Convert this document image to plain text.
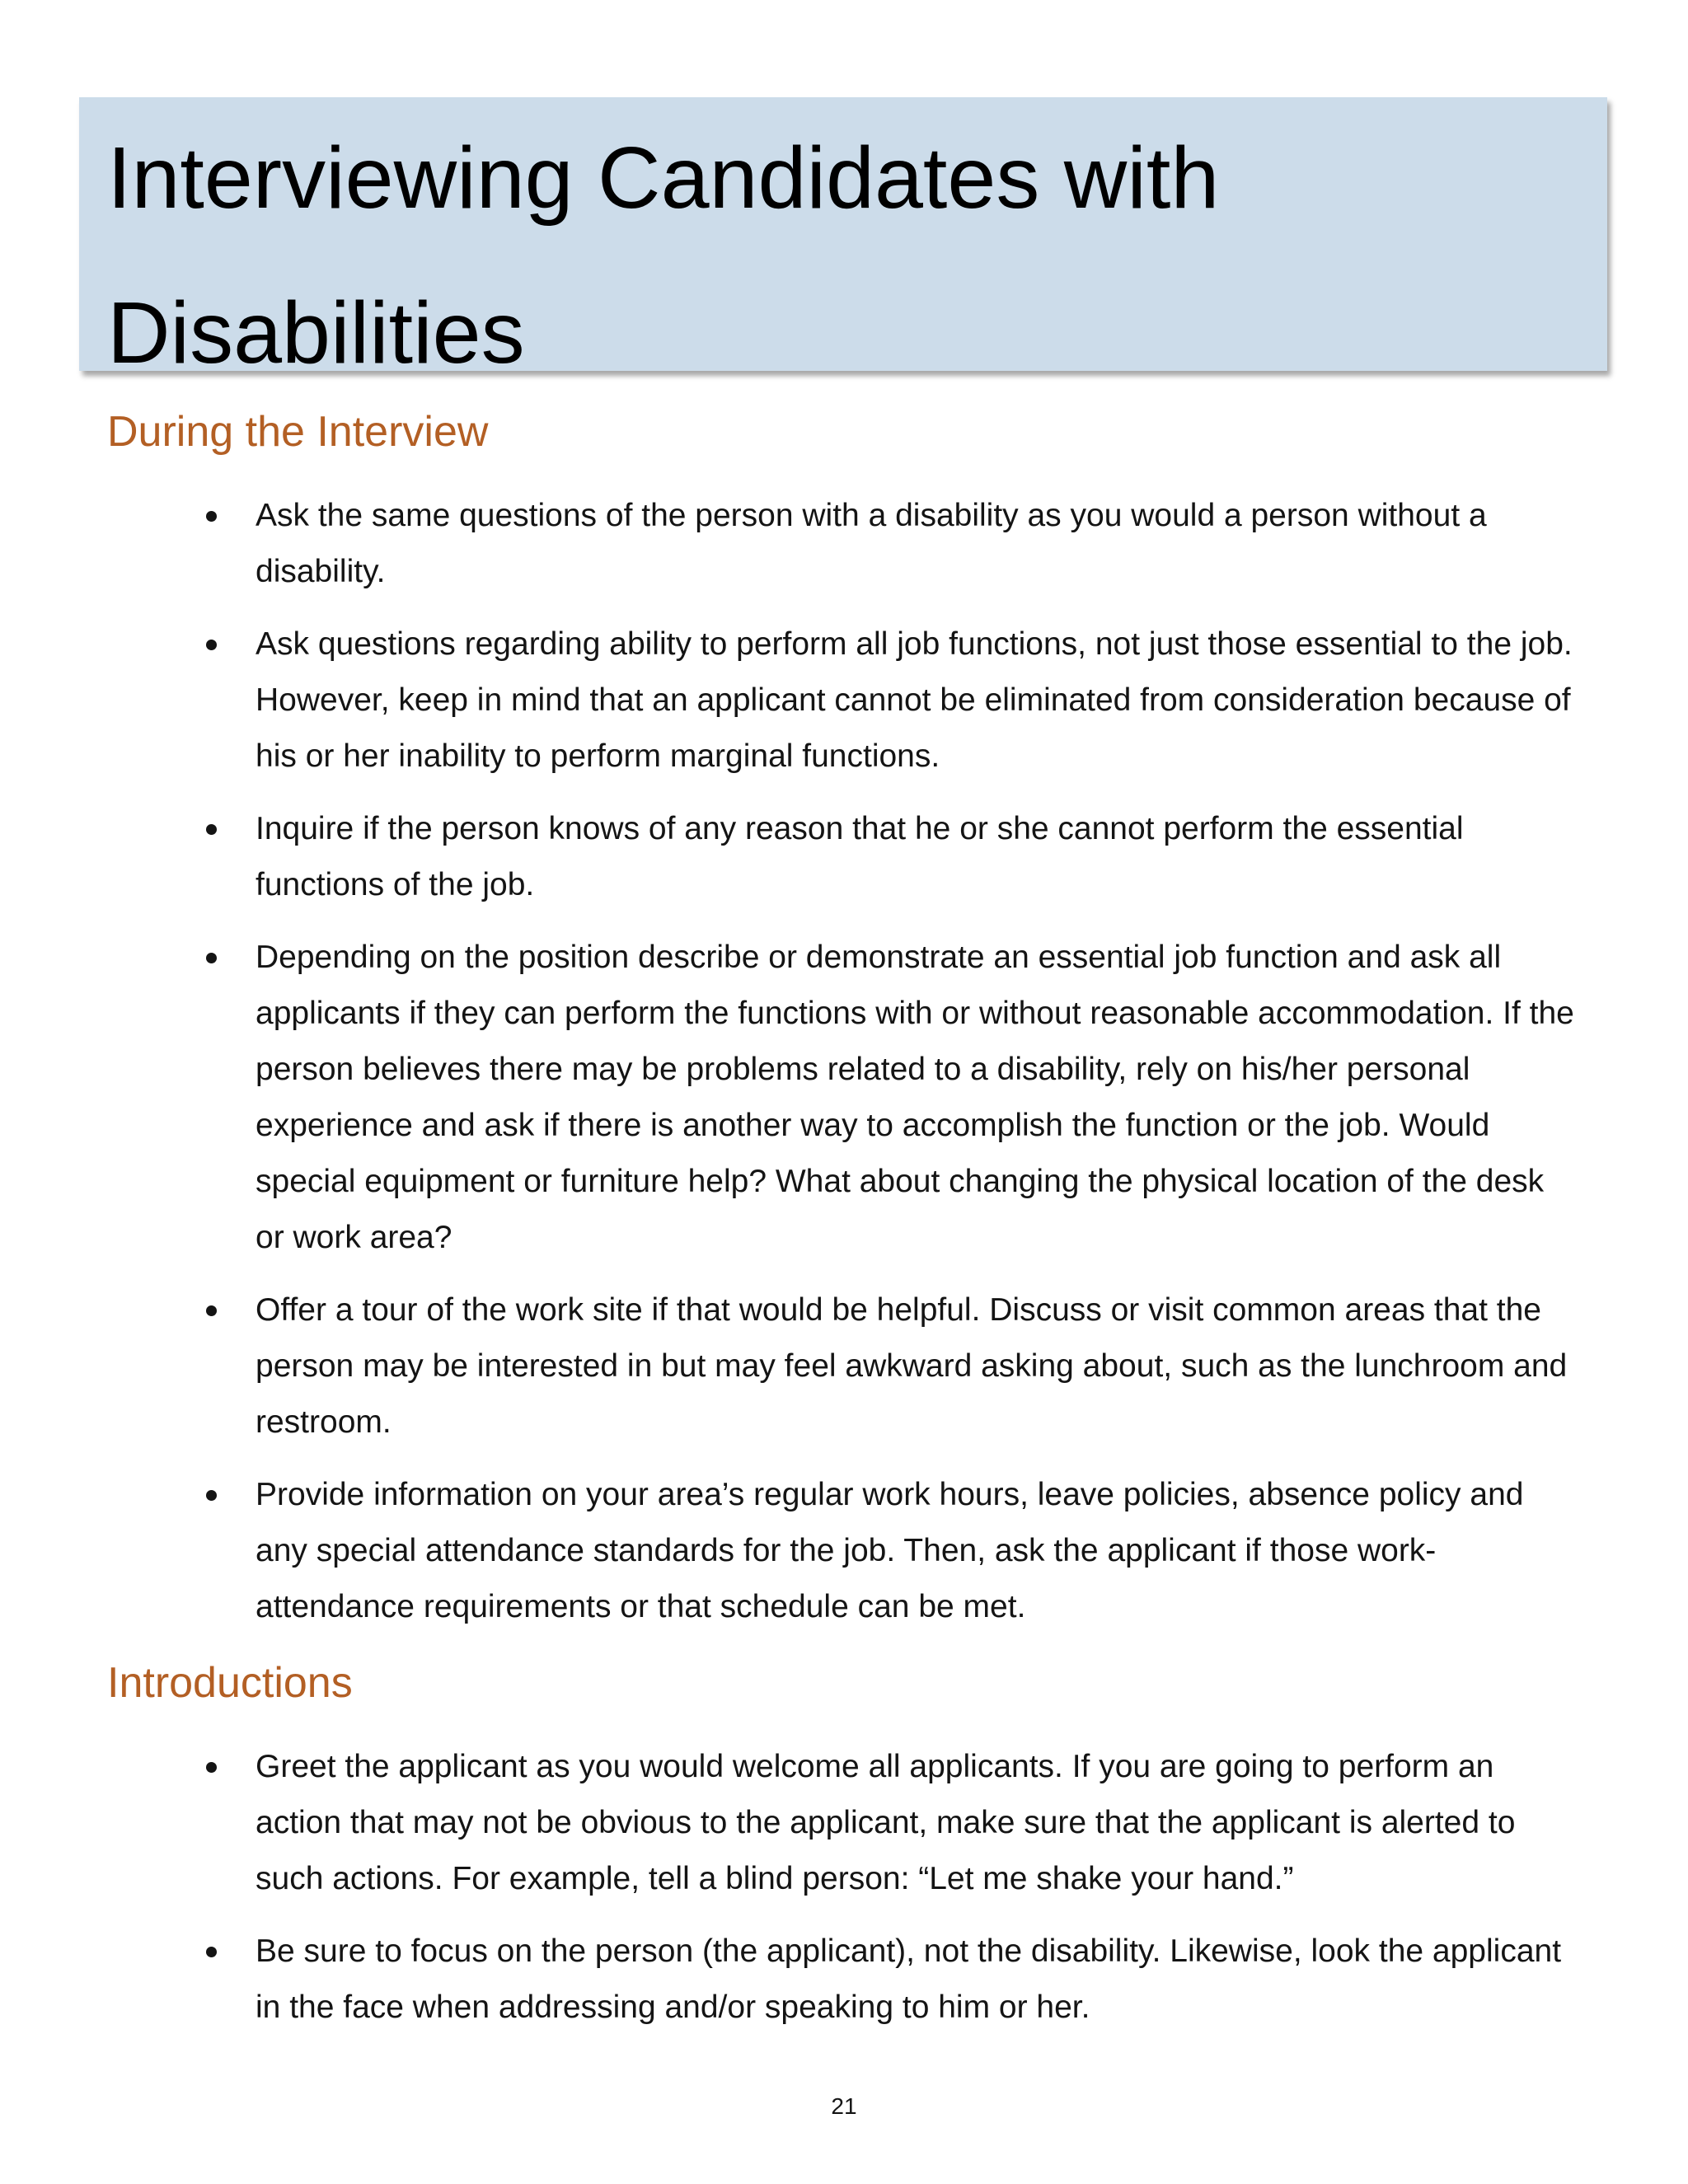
Interviewing Candidates with Disabilities
During the Interview
Ask the same questions of the person with a disability as you would a person without a disability.
Ask questions regarding ability to perform all job functions, not just those essential to the job. However, keep in mind that an applicant cannot be eliminated from consideration because of his or her inability to perform marginal functions.
Inquire if the person knows of any reason that he or she cannot perform the essential functions of the job.
Depending on the position describe or demonstrate an essential job function and ask all applicants if they can perform the functions with or without reasonable accommodation. If the person believes there may be problems related to a disability, rely on his/her personal experience and ask if there is another way to accomplish the function or the job. Would special equipment or furniture help? What about changing the physical location of the desk or work area?
Offer a tour of the work site if that would be helpful. Discuss or visit common areas that the person may be interested in but may feel awkward asking about, such as the lunchroom and restroom.
Provide information on your area’s regular work hours, leave policies, absence policy and any special attendance standards for the job. Then, ask the applicant if those work-attendance requirements or that schedule can be met.
Introductions
Greet the applicant as you would welcome all applicants. If you are going to perform an action that may not be obvious to the applicant, make sure that the applicant is alerted to such actions. For example, tell a blind person: “Let me shake your hand.”
Be sure to focus on the person (the applicant), not the disability. Likewise, look the applicant in the face when addressing and/or speaking to him or her.

21
